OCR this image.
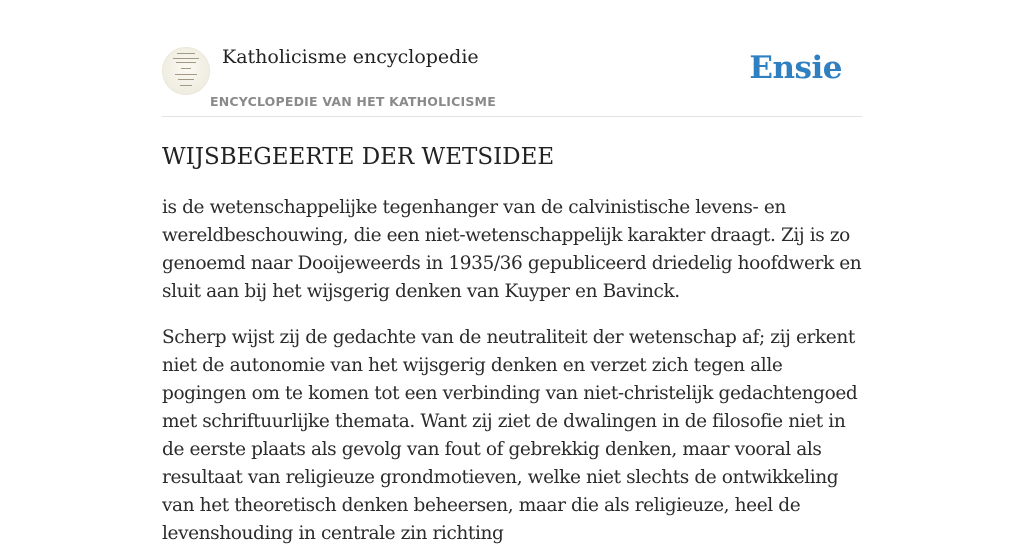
Katholicisme encyclopedie
ENCYCLOPEDIE VAN HET KATHOLICISME
Ensie
WIJSBEGEERTE DER WETSIDEE

is de wetenschappelijke tegenhanger van de calvinistische levens- en wereldbeschouwing, die een niet-wetenschappelijk karakter draagt. Zij is zo genoemd naar Dooijeweerds in 1935/36 gepubliceerd driedelig hoofdwerk en sluit aan bij het wijsgerig denken van Kuyper en Bavinck.

Scherp wijst zij de gedachte van de neutraliteit der wetenschap af; zij erkent niet de autonomie van het wijsgerig denken en verzet zich tegen alle pogingen om te komen tot een verbinding van niet-christelijk gedachtengoed met schriftuurlijke themata. Want zij ziet de dwalingen in de filosofie niet in de eerste plaats als gevolg van fout of gebrekkig denken, maar vooral als resultaat van religieuze grondmotieven, welke niet slechts de ontwikkeling van het theoretisch denken beheersen, maar die als religieuze, heel de levenshouding in centrale zin richting
